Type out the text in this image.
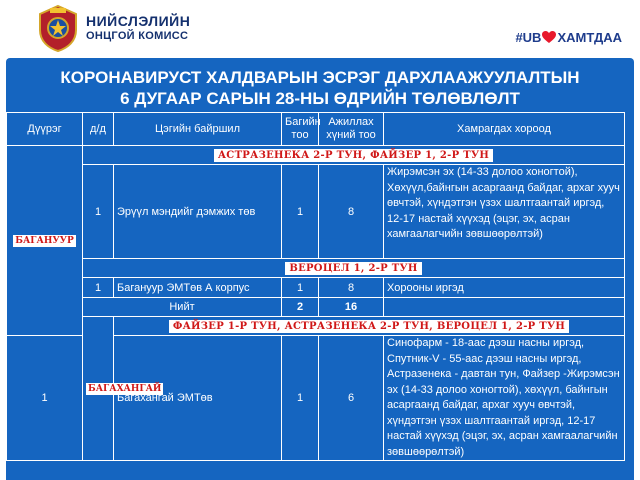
НИЙСЛЭЛИЙН
ОНЦГОЙ КОМИСС	#UB ХАМТДАА
КОРОНАВИРУСТ ХАЛДВАРЫН ЭСРЭГ ДАРХЛААЖУУЛАЛТЫН
6 ДУГААР САРЫН 28-НЫ ӨДРИЙН ТӨЛӨВЛӨЛТ
Дүүрэг	д/д	Цэгийн байршил	Багийн тоо	Ажиллах хүний тоо	Хамрагдах хороод
БАГАНУУР	АСТРАЗЕНЕКА 2-Р ТУН, ФАЙЗЕР 1, 2-Р ТУН				
	1	Эрүүл мэндийг дэмжих төв	1	8	Жирэмсэн эх (14-33 долоо хоногтой), Хөхүүл,байнгын асаргаанд байдаг, архаг хууч өвчтэй, хүндэтгэн үзэх шалтгаантай иргэд, 12-17 настай хүүхэд (эцэг, эх, асран хамгаалагчийн зөвшөөрөлтэй)
	ВЕРОЦЕЛ 1, 2-Р ТУН				
	1	Багануур ЭМТөв А корпус	1	8	Хорооны иргэд
	Нийт		2	16	
	БАГАХАНГАЙ	ФАЙЗЕР 1-Р ТУН, АСТРАЗЕНЕКА 2-Р ТУН, ВЕРОЦЕЛ 1, 2-Р ТУН			
1		Багахангай ЭМТөв	1	6	Синофарм - 18-аас дээш насны иргэд, Спутник-V - 55-аас дээш насны иргэд, Астразенека - давтан тун, Файзер -Жирэмсэн эх (14-33 долоо хоногтой), хөхүүл, байнгын асаргаанд байдаг, архаг хууч өвчтэй, хүндэтгэн үзэх шалтгаантай иргэд, 12-17 настай хүүхэд (эцэг, эх, асран хамгаалагчийн зөвшөөрөлтэй)
